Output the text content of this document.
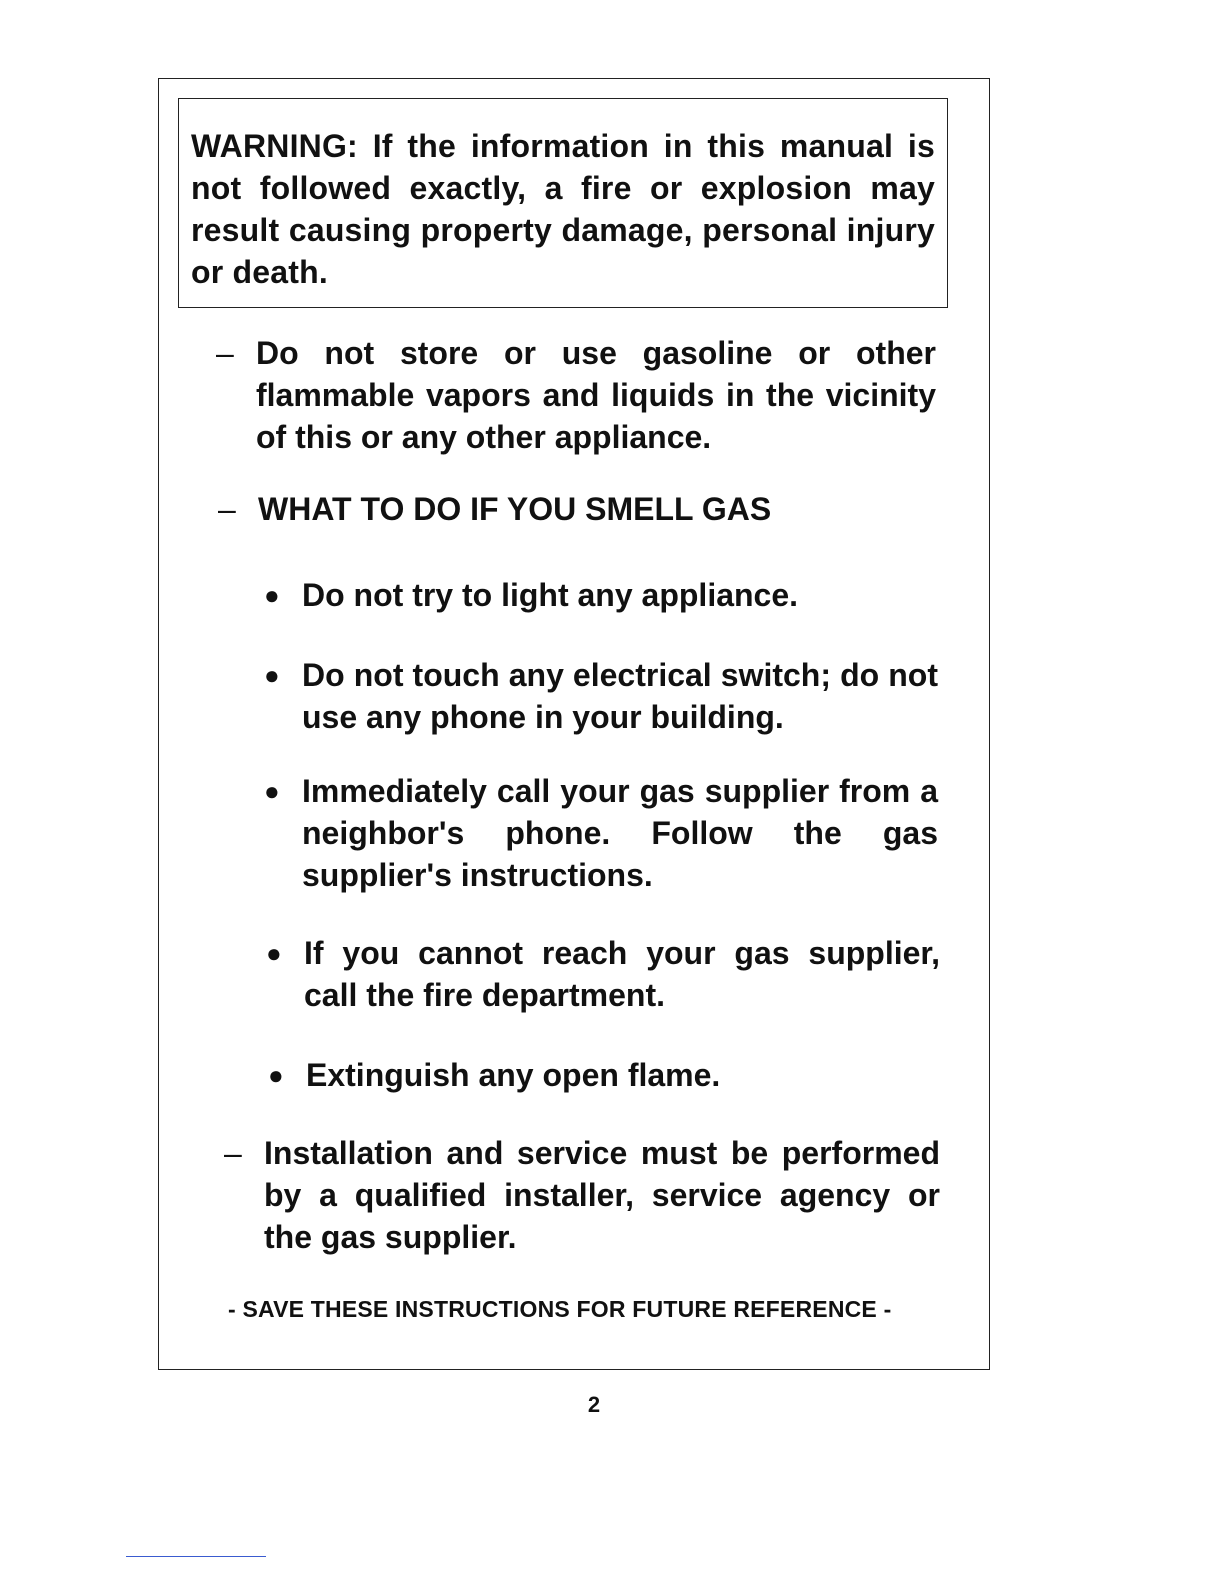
WARNING: If the information in this manual is not followed exactly, a fire or explosion may result causing property damage, personal injury or death.

– Do not store or use gasoline or other flammable vapors and liquids in the vicinity of this or any other appliance.
– WHAT TO DO IF YOU SMELL GAS
● Do not try to light any appliance.
● Do not touch any electrical switch; do not use any phone in your building.
● Immediately call your gas supplier from a neighbor's phone. Follow the gas supplier's instructions.
● If you cannot reach your gas supplier, call the fire department.
● Extinguish any open flame.
– Installation and service must be performed by a qualified installer, service agency or the gas supplier.

- SAVE THESE INSTRUCTIONS FOR FUTURE REFERENCE -

2
